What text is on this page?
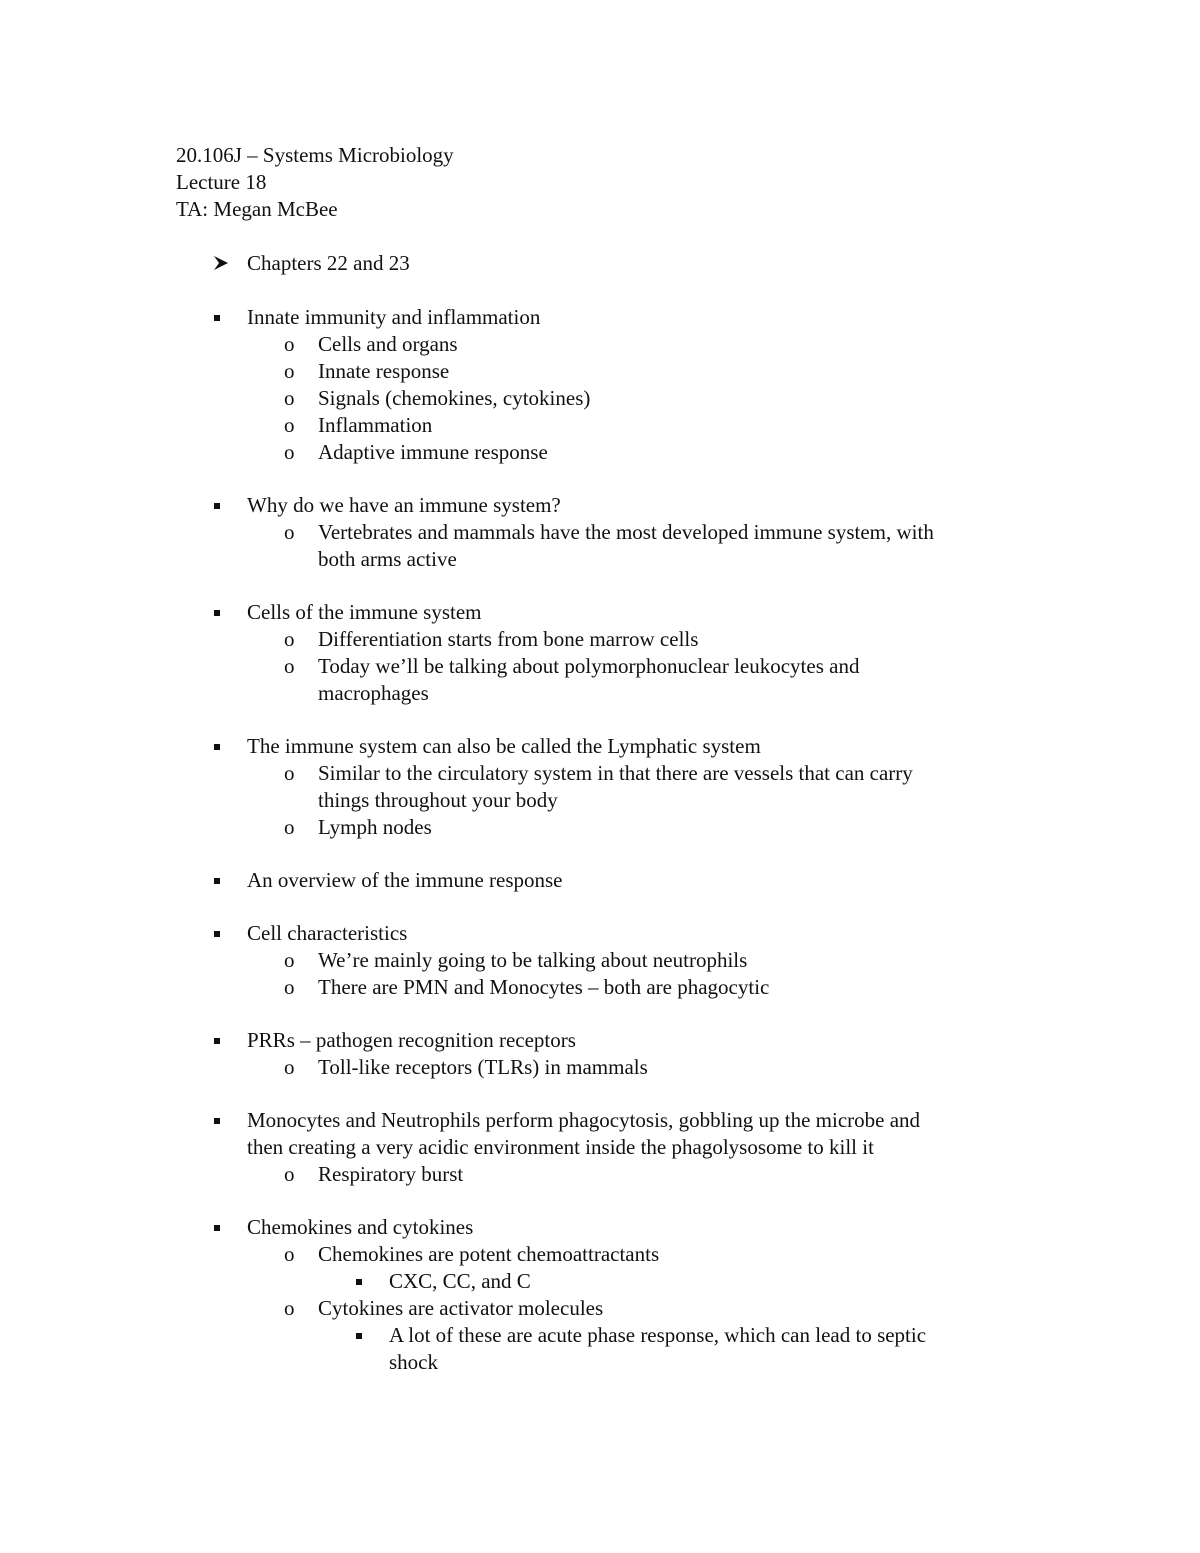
20.106J – Systems Microbiology
Lecture 18
TA: Megan McBee
Chapters 22 and 23
Innate immunity and inflammation
o Cells and organs
o Innate response
o Signals (chemokines, cytokines)
o Inflammation
o Adaptive immune response
Why do we have an immune system?
o Vertebrates and mammals have the most developed immune system, with
both arms active
Cells of the immune system
o Differentiation starts from bone marrow cells
o Today we’ll be talking about polymorphonuclear leukocytes and
macrophages
The immune system can also be called the Lymphatic system
o Similar to the circulatory system in that there are vessels that can carry
things throughout your body
o Lymph nodes
An overview of the immune response
Cell characteristics
o We’re mainly going to be talking about neutrophils
o There are PMN and Monocytes – both are phagocytic
PRRs – pathogen recognition receptors
o Toll-like receptors (TLRs) in mammals
Monocytes and Neutrophils perform phagocytosis, gobbling up the microbe and
then creating a very acidic environment inside the phagolysosome to kill it
o Respiratory burst
Chemokines and cytokines
o Chemokines are potent chemoattractants
CXC, CC, and C
o Cytokines are activator molecules
A lot of these are acute phase response, which can lead to septic
shock
